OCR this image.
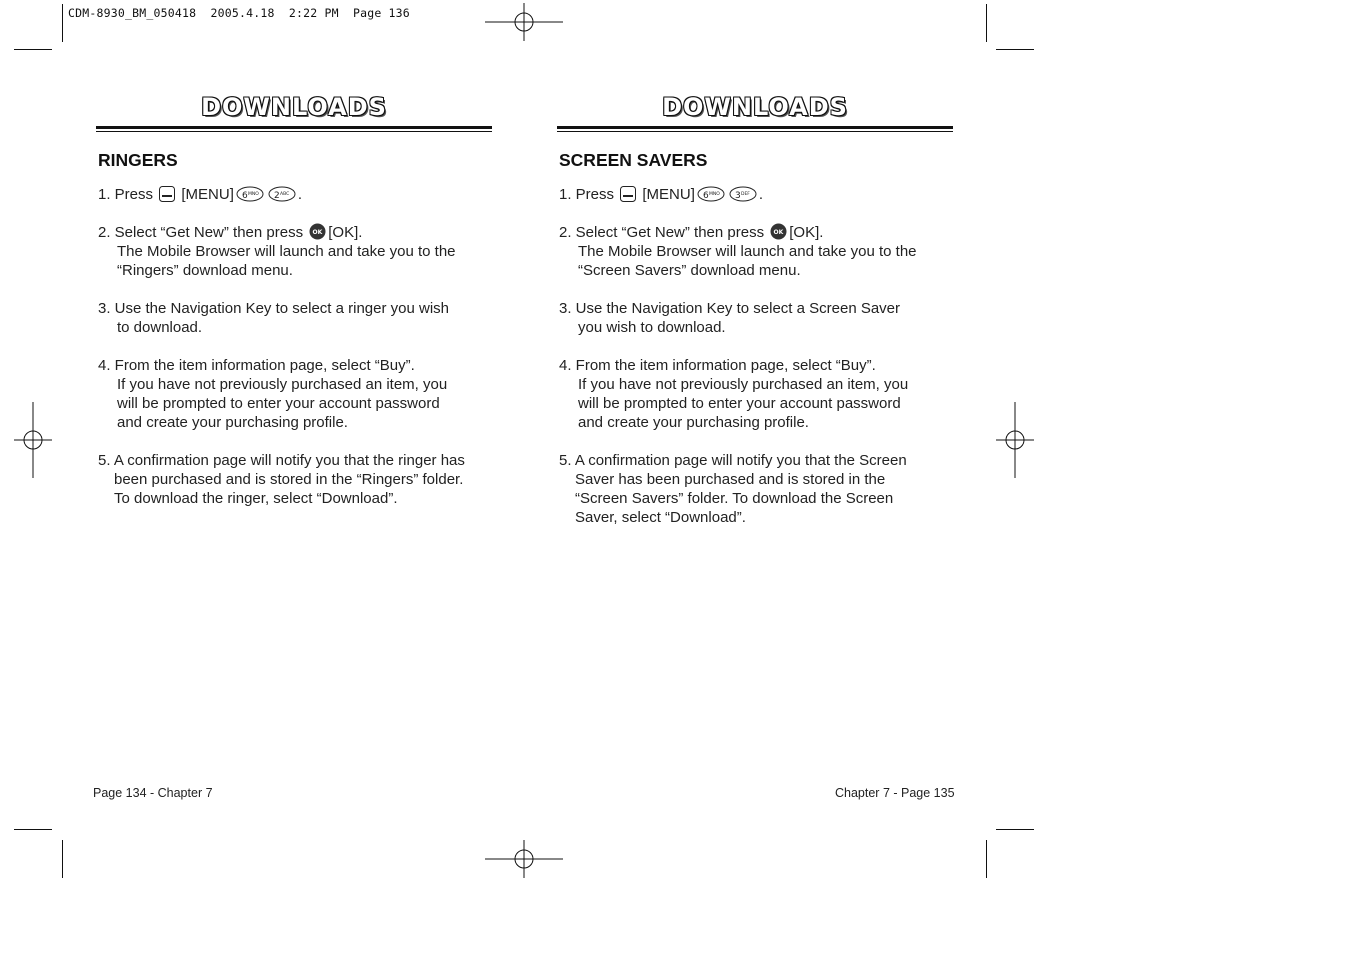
CDM-8930_BM_050418  2005.4.18  2:22 PM  Page 136
DOWNLOADS
RINGERS
1. Press [MENU] 6 MNO 2 ABC .
2. Select “Get New” then press OK [OK].
The Mobile Browser will launch and take you to the
“Ringers” download menu.
3. Use the Navigation Key to select a ringer you wish
to download.
4. From the item information page, select “Buy”.
If you have not previously purchased an item, you
will be prompted to enter your account password
and create your purchasing profile.
5. A confirmation page will notify you that the ringer has
been purchased and is stored in the “Ringers” folder.
To download the ringer, select “Download”.
DOWNLOADS
SCREEN SAVERS
1. Press [MENU] 6 MNO 3 DEF .
2. Select “Get New” then press OK [OK].
The Mobile Browser will launch and take you to the
“Screen Savers” download menu.
3. Use the Navigation Key to select a Screen Saver
you wish to download.
4. From the item information page, select “Buy”.
If you have not previously purchased an item, you
will be prompted to enter your account password
and create your purchasing profile.
5. A confirmation page will notify you that the Screen
Saver has been purchased and is stored in the
“Screen Savers” folder. To download the Screen
Saver, select “Download”.
Page 134 - Chapter 7	Chapter 7 - Page 135
